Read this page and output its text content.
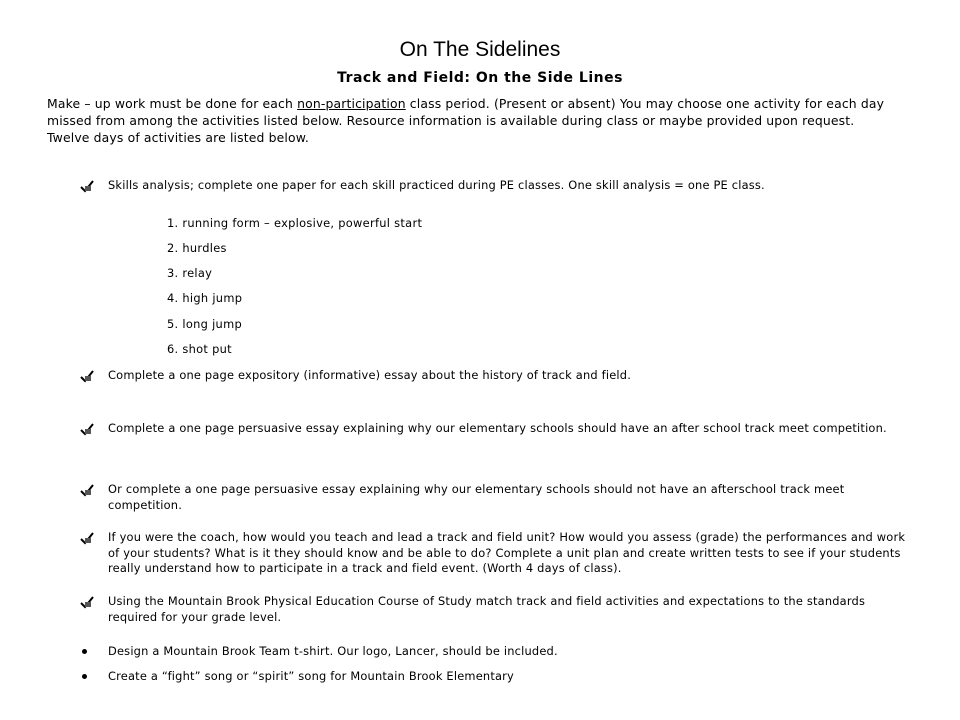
On The Sidelines
Track and Field: On the Side Lines
Make – up work must be done for each non-participation class period. (Present or absent) You may choose one activity for each day missed from among the activities listed below. Resource information is available during class or maybe provided upon request. Twelve days of activities are listed below.
Skills analysis; complete one paper for each skill practiced during PE classes. One skill analysis = one PE class.
1. running form – explosive, powerful start
2. hurdles
3. relay
4. high jump
5. long jump
6. shot put
Complete a one page expository (informative) essay about the history of track and field.
Complete a one page persuasive essay explaining why our elementary schools should have an after school track meet competition.
Or complete a one page persuasive essay explaining why our elementary schools should not have an afterschool track meet competition.
If you were the coach, how would you teach and lead a track and field unit? How would you assess (grade) the performances and work of your students? What is it they should know and be able to do? Complete a unit plan and create written tests to see if your students really understand how to participate in a track and field event. (Worth 4 days of class).
Using the Mountain Brook Physical Education Course of Study match track and field activities and expectations to the standards required for your grade level.
Design a Mountain Brook Team t-shirt. Our logo, Lancer, should be included.
Create a “fight” song or “spirit” song for Mountain Brook Elementary
